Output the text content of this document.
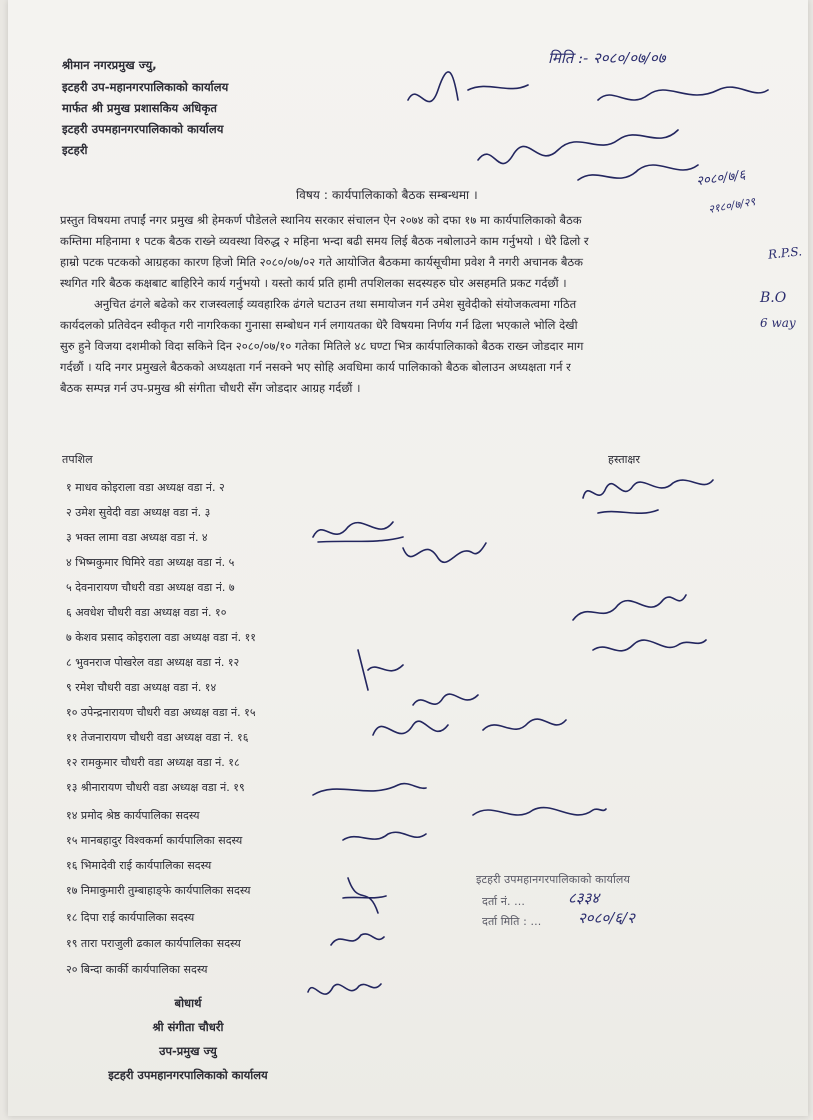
श्रीमान नगरप्रमुख ज्यु,
इटहरी उप-महानगरपालिकाको कार्यालय
मार्फत श्री प्रमुख प्रशासकिय अधिकृत
इटहरी उपमहानगरपालिकाको कार्यालय
इटहरी
मिति :- २०८०/०७/०७
२०८०/७/६
२१८०/७/२९
R.P.S.
B.O
6 way
विषय : कार्यपालिकाको बैठक सम्बन्धमा ।

प्रस्तुत विषयमा तपाईं नगर प्रमुख श्री हेमकर्ण पौडेलले स्थानिय सरकार संचालन ऐन २०७४ को दफा १७ मा कार्यपालिकाको बैठक

कम्तिमा महिनामा १ पटक बैठक राख्ने व्यवस्था विरुद्ध २ महिना भन्दा बढी समय लिई बैठक नबोलाउने काम गर्नुभयो । धेरै ढिलो र

हाम्रो पटक पटकको आग्रहका कारण हिजो मिति २०८०/०७/०२ गते आयोजित बैठकमा कार्यसूचीमा प्रवेश नै नगरी अचानक बैठक

स्थगित गरि बैठक कक्षबाट बाहिरिने कार्य गर्नुभयो । यस्तो कार्य प्रति हामी तपशिलका सदस्यहरु घोर असहमति प्रकट गर्दछौं ।

अनुचित ढंगले बढेको कर राजस्वलाई व्यवहारिक ढंगले घटाउन तथा समायोजन गर्न उमेश सुवेदीको संयोजकत्वमा गठित

कार्यदलको प्रतिवेदन स्वीकृत गरी नागरिकका गुनासा सम्बोधन गर्न लगायतका धेरै विषयमा निर्णय गर्न ढिला भएकाले भोलि देखी

सुरु हुने विजया दशमीको विदा सकिने दिन २०८०/०७/१० गतेका मितिले ४८ घण्टा भित्र कार्यपालिकाको बैठक राख्न जोडदार माग

गर्दछौं । यदि नगर प्रमुखले बैठकको अध्यक्षता गर्न नसक्ने भए सोहि अवधिमा कार्य पालिकाको बैठक बोलाउन अध्यक्षता गर्न र

बैठक सम्पन्न गर्न उप-प्रमुख श्री संगीता चौधरी सँग जोडदार आग्रह गर्दछौं ।

तपशिल	हस्ताक्षर
१ माधव कोइराला वडा अध्यक्ष वडा नं. २
२ उमेश सुवेदी वडा अध्यक्ष वडा नं. ३
३ भक्त लामा वडा अध्यक्ष वडा नं. ४
४ भिष्मकुमार घिमिरे वडा अध्यक्ष वडा नं. ५
५ देवनारायण चौधरी वडा अध्यक्ष वडा नं. ७
६ अवधेश चौधरी वडा अध्यक्ष वडा नं. १०
७ केशव प्रसाद कोइराला वडा अध्यक्ष वडा नं. ११
८ भुवनराज पोखरेल वडा अध्यक्ष वडा नं. १२
९ रमेश चौधरी वडा अध्यक्ष वडा नं. १४
१० उपेन्द्रनारायण चौधरी वडा अध्यक्ष वडा नं. १५
११ तेजनारायण चौधरी वडा अध्यक्ष वडा नं. १६
१२ रामकुमार चौधरी वडा अध्यक्ष वडा नं. १८
१३ श्रीनारायण चौधरी वडा अध्यक्ष वडा नं. १९
१४ प्रमोद श्रेष्ठ कार्यपालिका सदस्य
१५ मानबहादुर विश्वकर्मा कार्यपालिका सदस्य
१६ भिमादेवी राई कार्यपालिका सदस्य
१७ निमाकुमारी तुम्बाहाङ्फे कार्यपालिका सदस्य
१८ दिपा राई कार्यपालिका सदस्य
१९ तारा पराजुली ढकाल कार्यपालिका सदस्य
२० बिन्दा कार्की कार्यपालिका सदस्य
इटहरी उपमहानगरपालिकाको कार्यालय
दर्ता नं. ...	८३३४
दर्ता मिति : ... २०८०/६/२
बोधार्थ
श्री संगीता चौधरी
उप-प्रमुख ज्यु
इटहरी उपमहानगरपालिकाको कार्यालय
